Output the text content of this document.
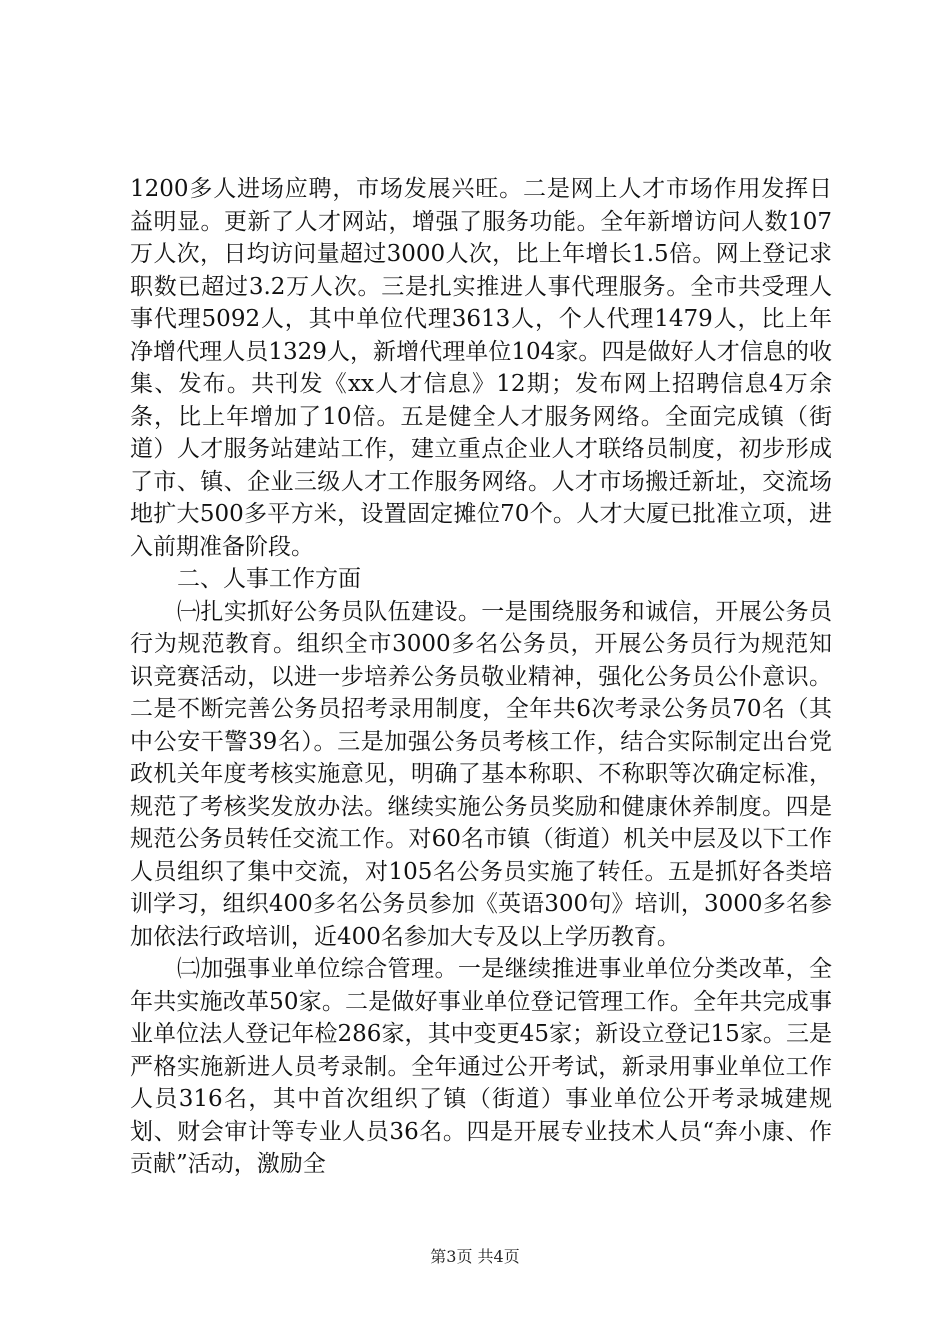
1200多人进场应聘，市场发展兴旺。二是网上人才市场作用发挥日益明显。更新了人才网站，增强了服务功能。全年新增访问人数107万人次，日均访问量超过3000人次，比上年增长1.5倍。网上登记求职数已超过3.2万人次。三是扎实推进人事代理服务。全市共受理人事代理5092人，其中单位代理3613人，个人代理1479人，比上年净增代理人员1329人，新增代理单位104家。四是做好人才信息的收集、发布。共刊发《xx人才信息》12期；发布网上招聘信息4万余条，比上年增加了10倍。五是健全人才服务网络。全面完成镇（街道）人才服务站建站工作，建立重点企业人才联络员制度，初步形成了市、镇、企业三级人才工作服务网络。人才市场搬迁新址，交流场地扩大500多平方米，设置固定摊位70个。人才大厦已批准立项，进入前期准备阶段。

二、人事工作方面

㈠扎实抓好公务员队伍建设。一是围绕服务和诚信，开展公务员行为规范教育。组织全市3000多名公务员，开展公务员行为规范知识竞赛活动，以进一步培养公务员敬业精神，强化公务员公仆意识。二是不断完善公务员招考录用制度，全年共6次考录公务员70名（其中公安干警39名）。三是加强公务员考核工作，结合实际制定出台党政机关年度考核实施意见，明确了基本称职、不称职等次确定标准，规范了考核奖发放办法。继续实施公务员奖励和健康休养制度。四是规范公务员转任交流工作。对60名市镇（街道）机关中层及以下工作人员组织了集中交流，对105名公务员实施了转任。五是抓好各类培训学习，组织400多名公务员参加《英语300句》培训，3000多名参加依法行政培训，近400名参加大专及以上学历教育。

㈡加强事业单位综合管理。一是继续推进事业单位分类改革，全年共实施改革50家。二是做好事业单位登记管理工作。全年共完成事业单位法人登记年检286家，其中变更45家；新设立登记15家。三是严格实施新进人员考录制。全年通过公开考试，新录用事业单位工作人员316名，其中首次组织了镇（街道）事业单位公开考录城建规划、财会审计等专业人员36名。四是开展专业技术人员“奔小康、作贡献”活动，激励全

第3页 共4页
